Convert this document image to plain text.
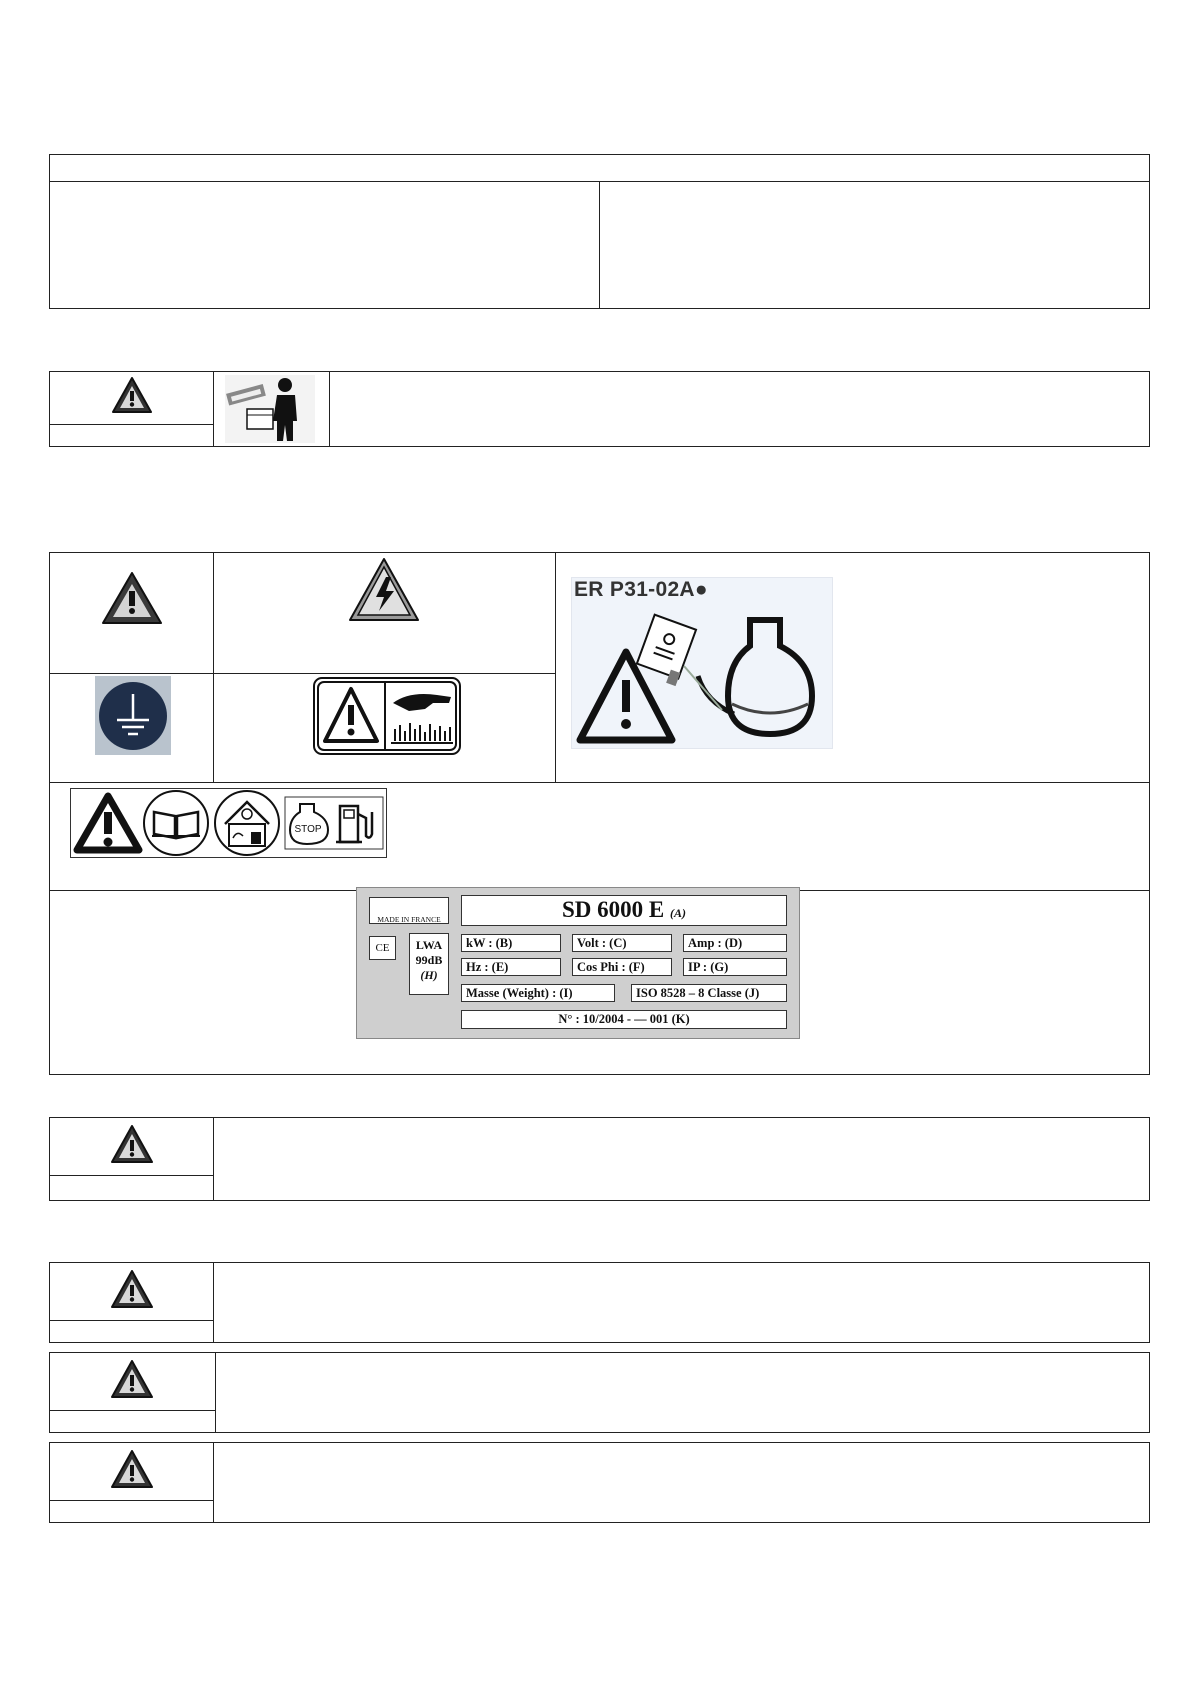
ER P31-02A●
STOP
MADE IN FRANCE
CE	LWA
99dB
(H)
SD 6000 E (A)
kW : (B)	Volt : (C)	Amp : (D)
Hz : (E)	Cos Phi : (F)	IP : (G)
Masse (Weight) : (I)	ISO 8528 – 8 Classe (J)
N° : 10/2004 - — 001 (K)
